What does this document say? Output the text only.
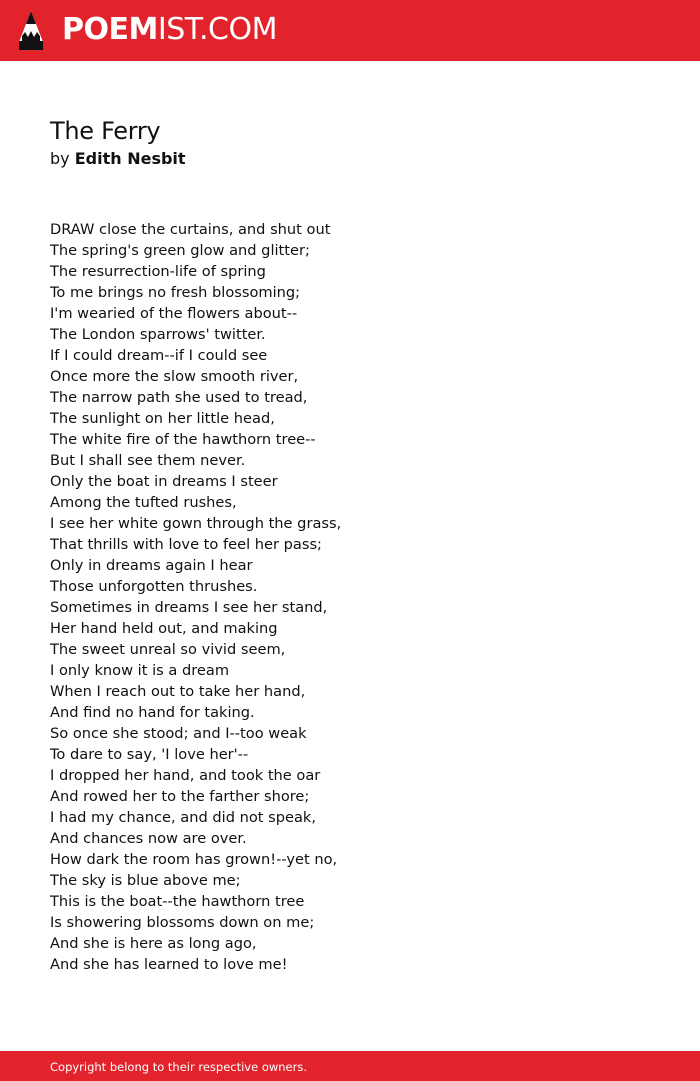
POEMIST.COM
The Ferry
by Edith Nesbit
DRAW close the curtains, and shut out
The spring's green glow and glitter;
The resurrection-life of spring
To me brings no fresh blossoming;
I'm wearied of the flowers about--
The London sparrows' twitter.
If I could dream--if I could see
Once more the slow smooth river,
The narrow path she used to tread,
The sunlight on her little head,
The white fire of the hawthorn tree--
But I shall see them never.
Only the boat in dreams I steer
Among the tufted rushes,
I see her white gown through the grass,
That thrills with love to feel her pass;
Only in dreams again I hear
Those unforgotten thrushes.
Sometimes in dreams I see her stand,
Her hand held out, and making
The sweet unreal so vivid seem,
I only know it is a dream
When I reach out to take her hand,
And find no hand for taking.
So once she stood; and I--too weak
To dare to say, 'I love her'--
I dropped her hand, and took the oar
And rowed her to the farther shore;
I had my chance, and did not speak,
And chances now are over.
How dark the room has grown!--yet no,
The sky is blue above me;
This is the boat--the hawthorn tree
Is showering blossoms down on me;
And she is here as long ago,
And she has learned to love me!
Copyright belong to their respective owners.
